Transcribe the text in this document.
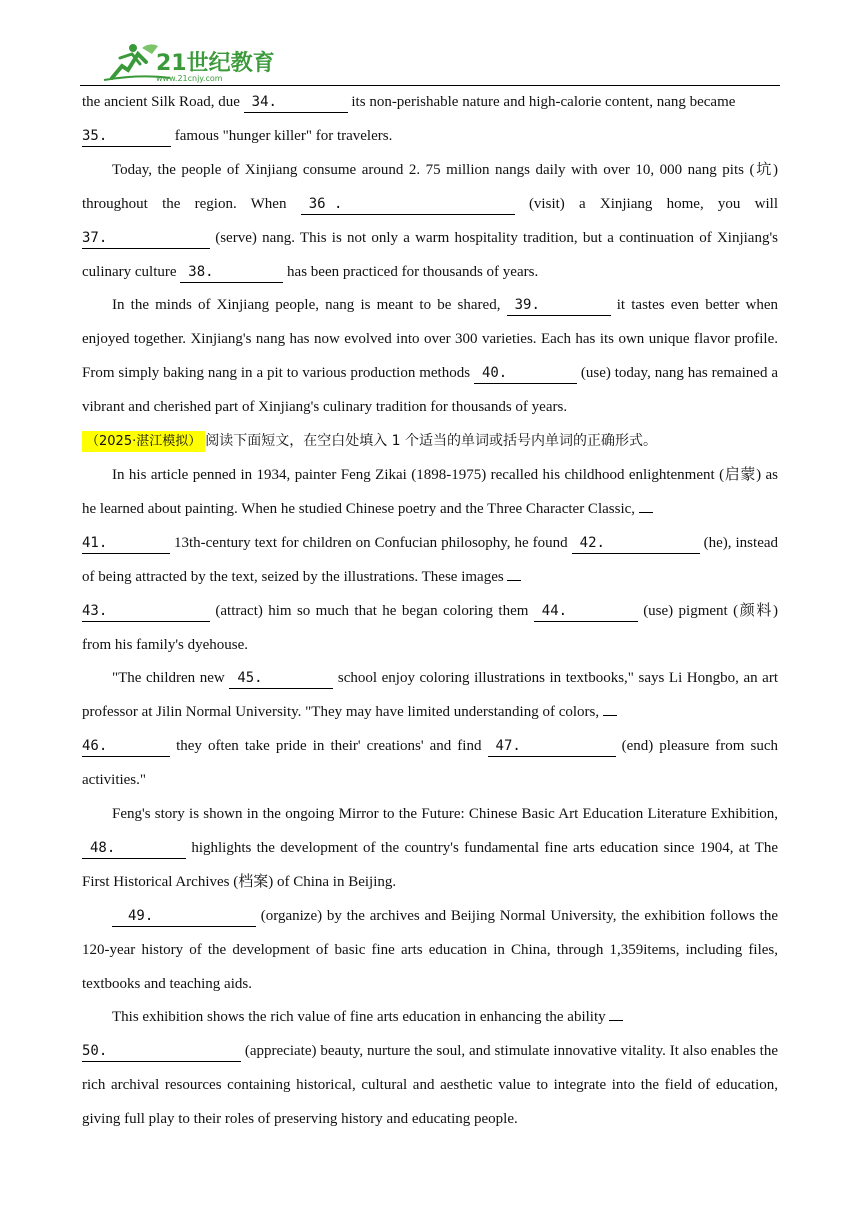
21世纪教育
www.21cnjy.com

the ancient Silk Road, due 34.	its non-perishable nature and high-calorie content, nang became
35.	famous "hunger killer" for travelers.

Today, the people of Xinjiang consume around 2. 75 million nangs daily with over 10, 000 nang pits (坑) throughout the region. When 36 .	(visit) a Xinjiang home, you will 37.	(serve) nang. This is not only a warm hospitality tradition, but a continuation of Xinjiang's culinary culture 38.	has been practiced for thousands of years.

In the minds of Xinjiang people, nang is meant to be shared, 39.	it tastes even better when enjoyed together. Xinjiang's nang has now evolved into over 300 varieties. Each has its own unique flavor profile. From simply baking nang in a pit to various production methods 40.	(use) today, nang has remained a vibrant and cherished part of Xinjiang's culinary tradition for thousands of years.

（2025·湛江模拟） 阅读下面短文，在空白处填入 1 个适当的单词或括号内单词的正确形式。

In his article penned in 1934, painter Feng Zikai (1898-1975) recalled his childhood enlightenment (启蒙) as he learned about painting. When he studied Chinese poetry and the Three Character Classic,
41.	13th-century text for children on Confucian philosophy, he found 42.	(he), instead of being attracted by the text, seized by the illustrations. These images
43.	(attract) him so much that he began coloring them 44.	(use) pigment (颜料) from his family's dyehouse.

"The children new 45.	school enjoy coloring illustrations in textbooks," says Li Hongbo, an art professor at Jilin Normal University. "They may have limited understanding of colors,
46.	they often take pride in their' creations' and find 47.	(end) pleasure from such activities."

Feng's story is shown in the ongoing Mirror to the Future: Chinese Basic Art Education Literature Exhibition, 48.	highlights the development of the country's fundamental fine arts education since 1904, at The First Historical Archives (档案) of China in Beijing.

49.	(organize) by the archives and Beijing Normal University, the exhibition follows the 120-year history of the development of basic fine arts education in China, through 1,359items, including files, textbooks and teaching aids.

This exhibition shows the rich value of fine arts education in enhancing the ability
50.	(appreciate) beauty, nurture the soul, and stimulate innovative vitality. It also enables the rich archival resources containing historical, cultural and aesthetic value to integrate into the field of education, giving full play to their roles of preserving history and educating people.
